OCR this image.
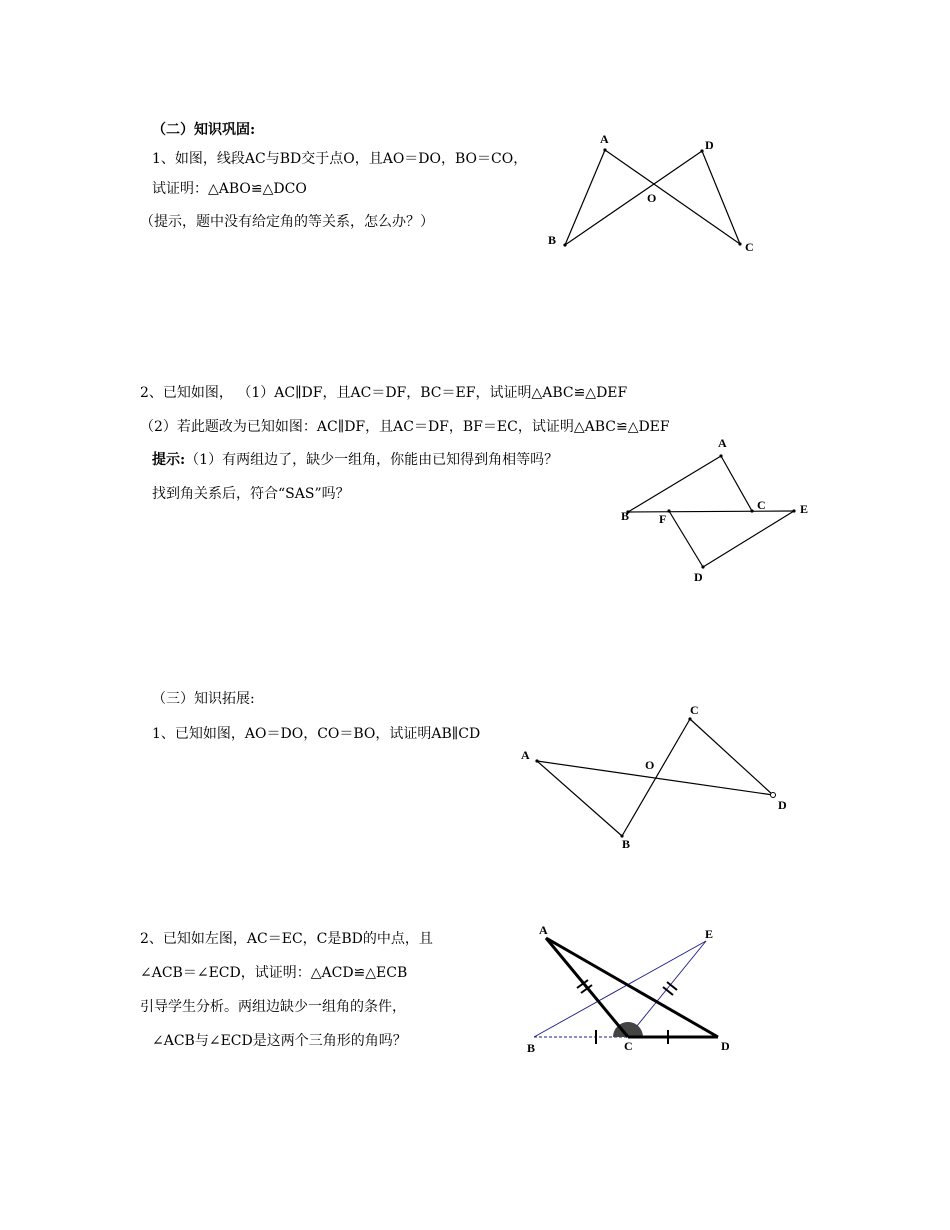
（二）知识巩固:
1、如图，线段AC与BD交于点O，且AO＝DO，BO＝CO，
试证明：△ABO≌△DCO
（提示，题中没有给定角的等关系，怎么办？）
2、已知如图， （1）AC∥DF，且AC＝DF，BC＝EF，试证明△ABC≌△DEF
（2）若此题改为已知如图：AC∥DF，且AC＝DF，BF＝EC，试证明△ABC≌△DEF
提示:（1）有两组边了，缺少一组角，你能由已知得到角相等吗？
找到角关系后，符合“SAS”吗？
（三）知识拓展:
1、已知如图，AO＝DO，CO＝BO，试证明AB∥CD
2、已知如左图，AC＝EC，C是BD的中点，且
∠ACB＝∠ECD，试证明：△ACD≌△ECB
引导学生分析。两组边缺少一组角的条件，
∠ACB与∠ECD是这两个三角形的角吗？
A	D
O
B	C
A
C	E
B F
D
A
C
O
D
B
A	E
B	C	D
